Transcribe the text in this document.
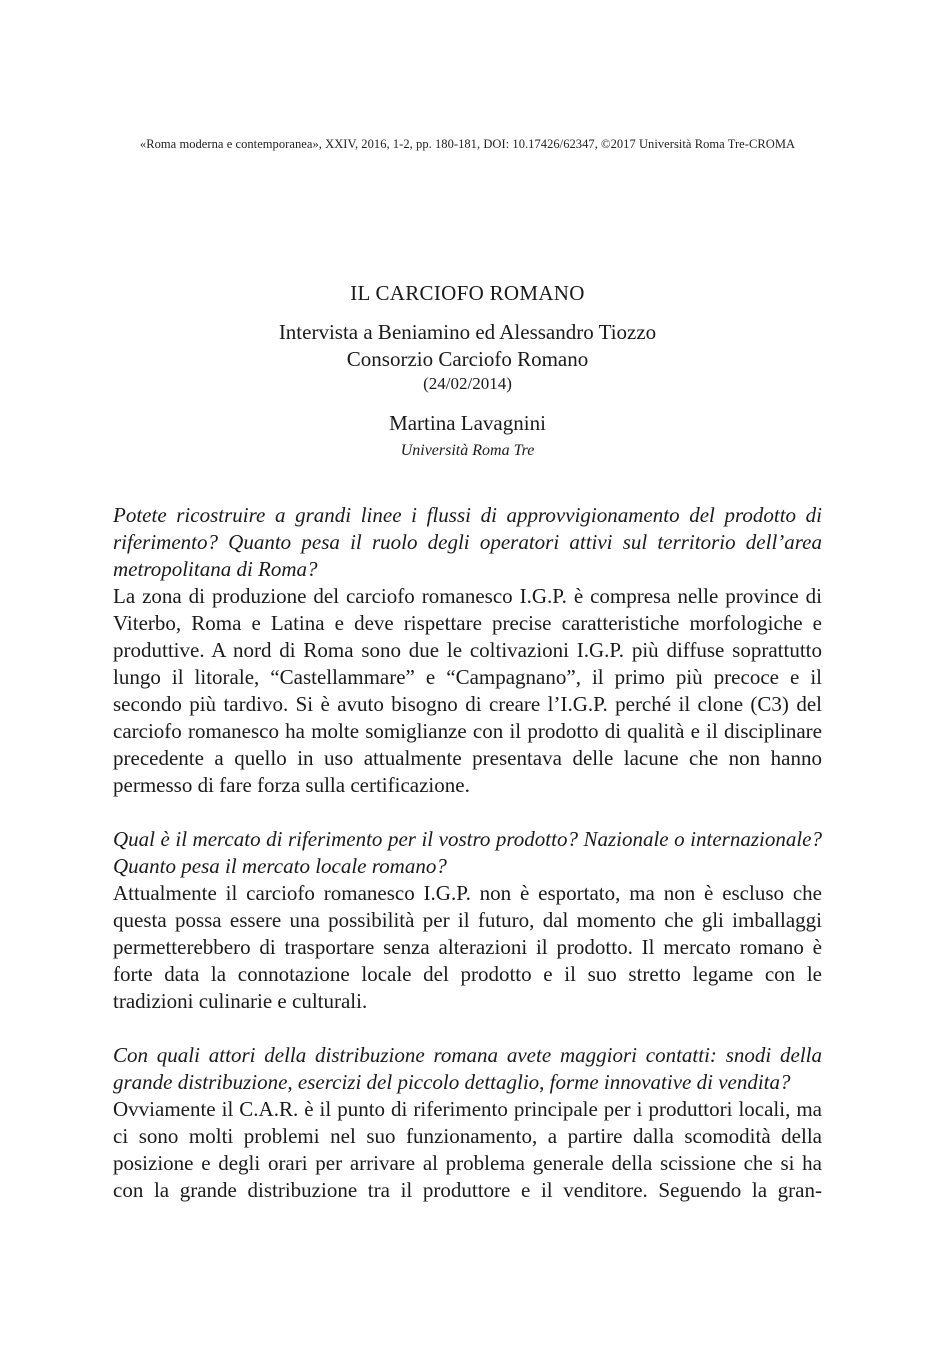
«Roma moderna e contemporanea», XXIV, 2016, 1-2, pp. 180-181, DOI: 10.17426/62347, ©2017 Università Roma Tre-CROMA
IL CARCIOFO ROMANO
Intervista a Beniamino ed Alessandro Tiozzo
Consorzio Carciofo Romano
(24/02/2014)
Martina Lavagnini
Università Roma Tre

Potete ricostruire a grandi linee i flussi di approvvigionamento del prodotto di riferimento? Quanto pesa il ruolo degli operatori attivi sul territorio dell’area metropolitana di Roma?

La zona di produzione del carciofo romanesco I.G.P. è compresa nelle province di Viterbo, Roma e Latina e deve rispettare precise caratteristiche morfologiche e produttive. A nord di Roma sono due le coltivazioni I.G.P. più diffuse soprattutto lungo il litorale, “Castellammare” e “Campagnano”, il primo più precoce e il secondo più tardivo. Si è avuto bisogno di creare l’I.G.P. perché il clone (C3) del carciofo romanesco ha molte somiglianze con il prodotto di qualità e il disciplinare precedente a quello in uso attualmente presentava delle lacune che non hanno permesso di fare forza sulla certificazione.

Qual è il mercato di riferimento per il vostro prodotto? Nazionale o internazionale? Quanto pesa il mercato locale romano?

Attualmente il carciofo romanesco I.G.P. non è esportato, ma non è escluso che questa possa essere una possibilità per il futuro, dal momento che gli imballaggi permetterebbero di trasportare senza alterazioni il prodotto. Il mercato romano è forte data la connotazione locale del prodotto e il suo stretto legame con le tradizioni culinarie e culturali.

Con quali attori della distribuzione romana avete maggiori contatti: snodi della grande distribuzione, esercizi del piccolo dettaglio, forme innovative di vendita?

Ovviamente il C.A.R. è il punto di riferimento principale per i produttori locali, ma ci sono molti problemi nel suo funzionamento, a partire dalla scomodità della posizione e degli orari per arrivare al problema generale della scissione che si ha con la grande distribuzione tra il produttore e il venditore. Seguendo la gran-
